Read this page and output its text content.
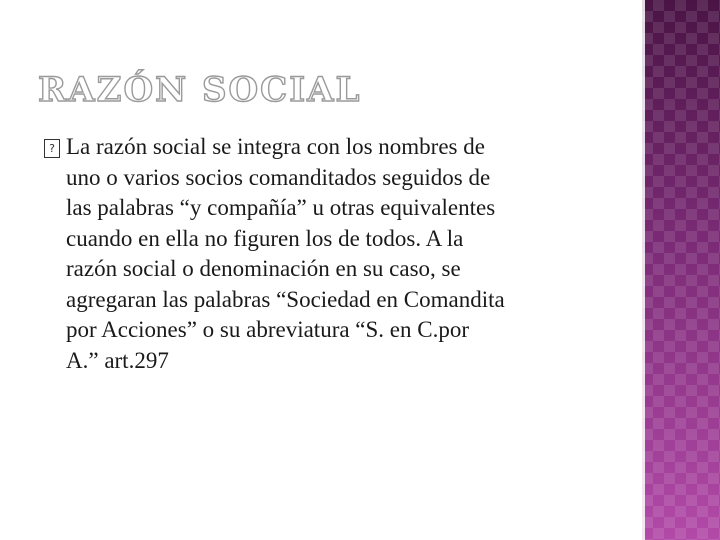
RAZÓN SOCIAL
? La razón social se integra con los nombres de
uno o varios socios comanditados seguidos de
las palabras “y compañía” u otras equivalentes
cuando en ella no figuren los de todos. A la
razón social o denominación en su caso, se
agregaran las palabras “Sociedad en Comandita
por Acciones” o su abreviatura “S. en C.por
A.” art.297
